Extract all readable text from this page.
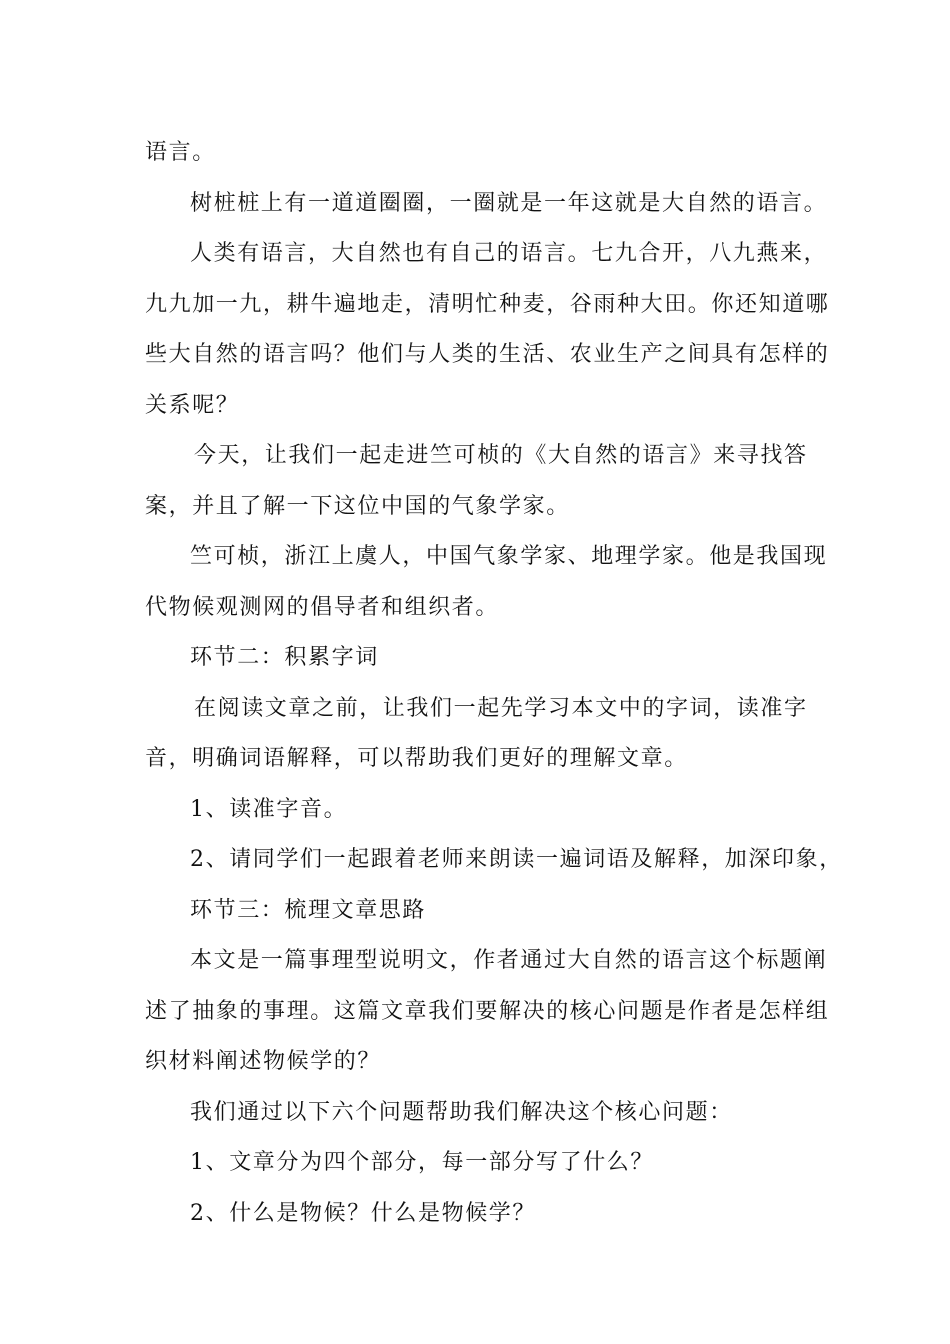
语言。
树桩桩上有一道道圈圈，一圈就是一年这就是大自然的语言。
人类有语言，大自然也有自己的语言。七九合开，八九燕来，
九九加一九，耕牛遍地走，清明忙种麦，谷雨种大田。你还知道哪
些大自然的语言吗？他们与人类的生活、农业生产之间具有怎样的
关系呢？
今天，让我们一起走进竺可桢的《大自然的语言》来寻找答
案，并且了解一下这位中国的气象学家。
竺可桢，浙江上虞人，中国气象学家、地理学家。他是我国现
代物候观测网的倡导者和组织者。
环节二：积累字词
在阅读文章之前，让我们一起先学习本文中的字词，读准字
音，明确词语解释，可以帮助我们更好的理解文章。
1、读准字音。
2、请同学们一起跟着老师来朗读一遍词语及解释，加深印象，
环节三：梳理文章思路
本文是一篇事理型说明文，作者通过大自然的语言这个标题阐
述了抽象的事理。这篇文章我们要解决的核心问题是作者是怎样组
织材料阐述物候学的？
我们通过以下六个问题帮助我们解决这个核心问题：
1、文章分为四个部分，每一部分写了什么？
2、什么是物候？什么是物候学？
